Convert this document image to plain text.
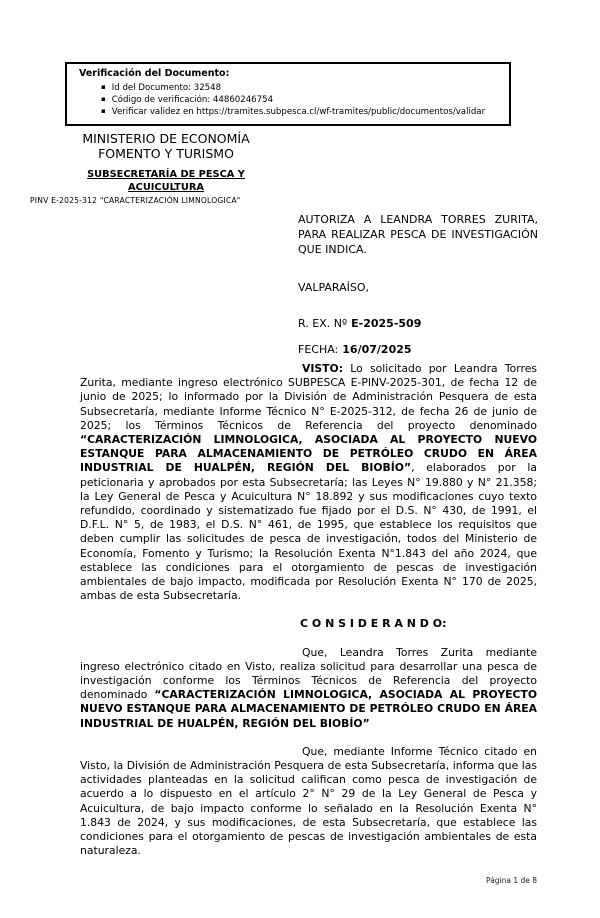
Verificación del Documento:
▪ Id del Documento: 32548
▪ Código de verificación: 44860246754
▪ Verificar validez en https://tramites.subpesca.cl/wf-tramites/public/documentos/validar
MINISTERIO DE ECONOMÍA
FOMENTO Y TURISMO
SUBSECRETARÍA DE PESCA Y
ACUICULTURA
PINV E-2025-312 "CARACTERIZACIÓN LIMNOLOGICA"
AUTORIZA A LEANDRA TORRES ZURITA, PARA REALIZAR PESCA DE INVESTIGACIÓN QUE INDICA.
VALPARAÍSO,
R. EX. Nº E-2025-509
FECHA: 16/07/2025

VISTO: Lo solicitado por Leandra Torres Zurita, mediante ingreso electrónico SUBPESCA E-PINV-2025-301, de fecha 12 de junio de 2025; lo informado por la División de Administración Pesquera de esta Subsecretaría, mediante Informe Técnico N° E-2025-312, de fecha 26 de junio de 2025; los Términos Técnicos de Referencia del proyecto denominado “CARACTERIZACIÓN LIMNOLOGICA, ASOCIADA AL PROYECTO NUEVO ESTANQUE PARA ALMACENAMIENTO DE PETRÓLEO CRUDO EN ÁREA INDUSTRIAL DE HUALPÉN, REGIÓN DEL BIOBÍO”, elaborados por la peticionaria y aprobados por esta Subsecretaría; las Leyes N° 19.880 y N° 21.358; la Ley General de Pesca y Acuicultura N° 18.892 y sus modificaciones cuyo texto refundido, coordinado y sistematizado fue fijado por el D.S. N° 430, de 1991, el D.F.L. N° 5, de 1983, el D.S. N° 461, de 1995, que establece los requisitos que deben cumplir las solicitudes de pesca de investigación, todos del Ministerio de Economía, Fomento y Turismo; la Resolución Exenta N°1.843 del año 2024, que establece las condiciones para el otorgamiento de pescas de investigación ambientales de bajo impacto, modificada por Resolución Exenta N° 170 de 2025, ambas de esta Subsecretaría.

C O N S I D E R A N D O:

Que, Leandra Torres Zurita mediante ingreso electrónico citado en Visto, realiza solicitud para desarrollar una pesca de investigación conforme los Términos Técnicos de Referencia del proyecto denominado “CARACTERIZACIÓN LIMNOLOGICA, ASOCIADA AL PROYECTO NUEVO ESTANQUE PARA ALMACENAMIENTO DE PETRÓLEO CRUDO EN ÁREA INDUSTRIAL DE HUALPÉN, REGIÓN DEL BIOBÍO”

Que, mediante Informe Técnico citado en Visto, la División de Administración Pesquera de esta Subsecretaría, informa que las actividades planteadas en la solicitud califican como pesca de investigación de acuerdo a lo dispuesto en el artículo 2° N° 29 de la Ley General de Pesca y Acuicultura, de bajo impacto conforme lo señalado en la Resolución Exenta N° 1.843 de 2024, y sus modificaciones, de esta Subsecretaría, que establece las condiciones para el otorgamiento de pescas de investigación ambientales de esta naturaleza.

Página 1 de 8
